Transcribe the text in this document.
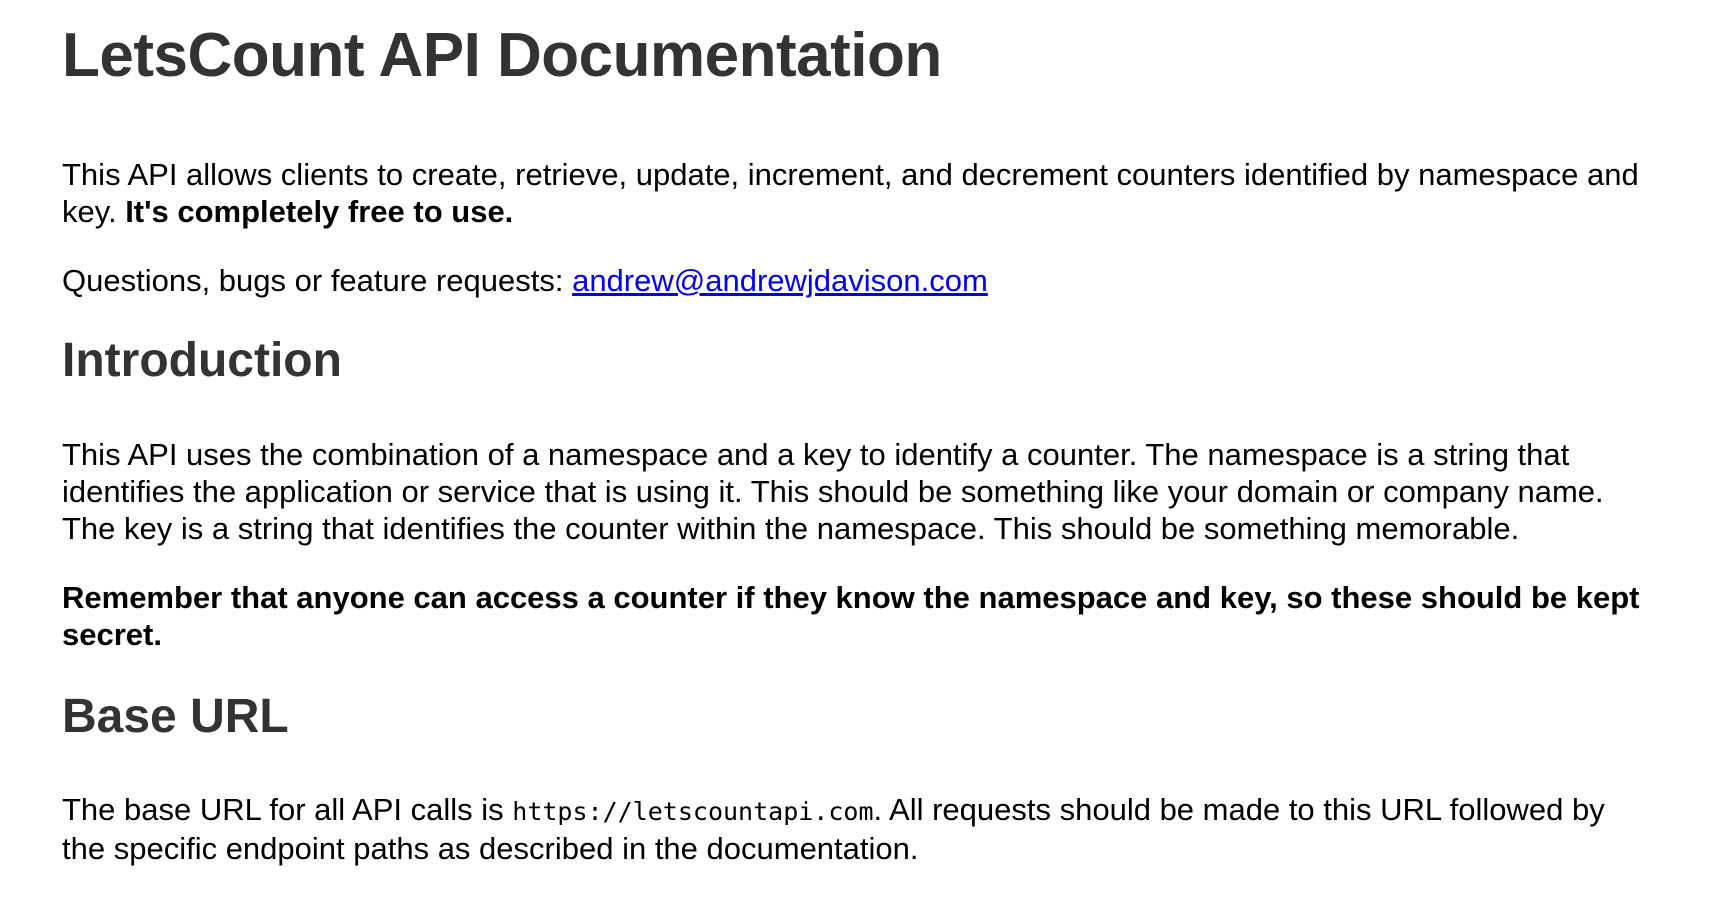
LetsCount API Documentation

This API allows clients to create, retrieve, update, increment, and decrement counters identified by namespace and key. It's completely free to use.

Questions, bugs or feature requests: andrew@andrewjdavison.com

Introduction

This API uses the combination of a namespace and a key to identify a counter. The namespace is a string that identifies the application or service that is using it. This should be something like your domain or company name. The key is a string that identifies the counter within the namespace. This should be something memorable.

Remember that anyone can access a counter if they know the namespace and key, so these should be kept secret.

Base URL

The base URL for all API calls is https://letscountapi.com. All requests should be made to this URL followed by the specific endpoint paths as described in the documentation.
